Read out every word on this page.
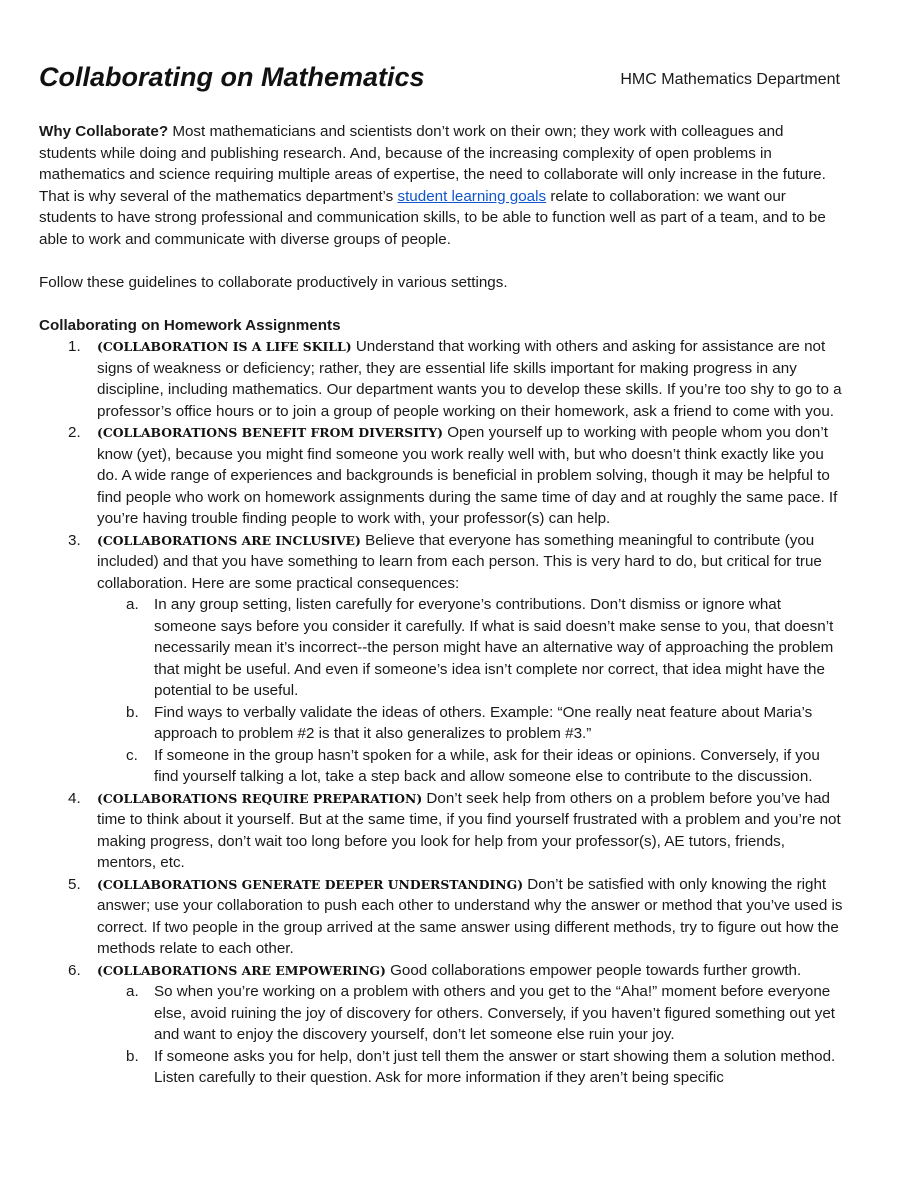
Collaborating on Mathematics	HMC Mathematics Department

Why Collaborate? Most mathematicians and scientists don’t work on their own; they work with colleagues and students while doing and publishing research. And, because of the increasing complexity of open problems in mathematics and science requiring multiple areas of expertise, the need to collaborate will only increase in the future. That is why several of the mathematics department’s student learning goals relate to collaboration: we want our students to have strong professional and communication skills, to be able to function well as part of a team, and to be able to work and communicate with diverse groups of people.

Follow these guidelines to collaborate productively in various settings.

Collaborating on Homework Assignments

1. (COLLABORATION IS A LIFE SKILL) Understand that working with others and asking for assistance are not signs of weakness or deficiency; rather, they are essential life skills important for making progress in any discipline, including mathematics. Our department wants you to develop these skills. If you’re too shy to go to a professor’s office hours or to join a group of people working on their homework, ask a friend to come with you.
2. (COLLABORATIONS BENEFIT FROM DIVERSITY) Open yourself up to working with people whom you don’t know (yet), because you might find someone you work really well with, but who doesn’t think exactly like you do. A wide range of experiences and backgrounds is beneficial in problem solving, though it may be helpful to find people who work on homework assignments during the same time of day and at roughly the same pace. If you’re having trouble finding people to work with, your professor(s) can help.
3. (COLLABORATIONS ARE INCLUSIVE) Believe that everyone has something meaningful to contribute (you included) and that you have something to learn from each person. This is very hard to do, but critical for true collaboration. Here are some practical consequences:
a. In any group setting, listen carefully for everyone’s contributions. Don’t dismiss or ignore what someone says before you consider it carefully. If what is said doesn’t make sense to you, that doesn’t necessarily mean it’s incorrect--the person might have an alternative way of approaching the problem that might be useful. And even if someone’s idea isn’t complete nor correct, that idea might have the potential to be useful.
b. Find ways to verbally validate the ideas of others. Example: “One really neat feature about Maria’s approach to problem #2 is that it also generalizes to problem #3.”
c. If someone in the group hasn’t spoken for a while, ask for their ideas or opinions. Conversely, if you find yourself talking a lot, take a step back and allow someone else to contribute to the discussion.
4. (COLLABORATIONS REQUIRE PREPARATION) Don’t seek help from others on a problem before you’ve had time to think about it yourself. But at the same time, if you find yourself frustrated with a problem and you’re not making progress, don’t wait too long before you look for help from your professor(s), AE tutors, friends, mentors, etc.
5. (COLLABORATIONS GENERATE DEEPER UNDERSTANDING) Don’t be satisfied with only knowing the right answer; use your collaboration to push each other to understand why the answer or method that you’ve used is correct. If two people in the group arrived at the same answer using different methods, try to figure out how the methods relate to each other.
6. (COLLABORATIONS ARE EMPOWERING) Good collaborations empower people towards further growth.
a. So when you’re working on a problem with others and you get to the “Aha!” moment before everyone else, avoid ruining the joy of discovery for others. Conversely, if you haven’t figured something out yet and want to enjoy the discovery yourself, don’t let someone else ruin your joy.
b. If someone asks you for help, don’t just tell them the answer or start showing them a solution method. Listen carefully to their question. Ask for more information if they aren’t being specific
